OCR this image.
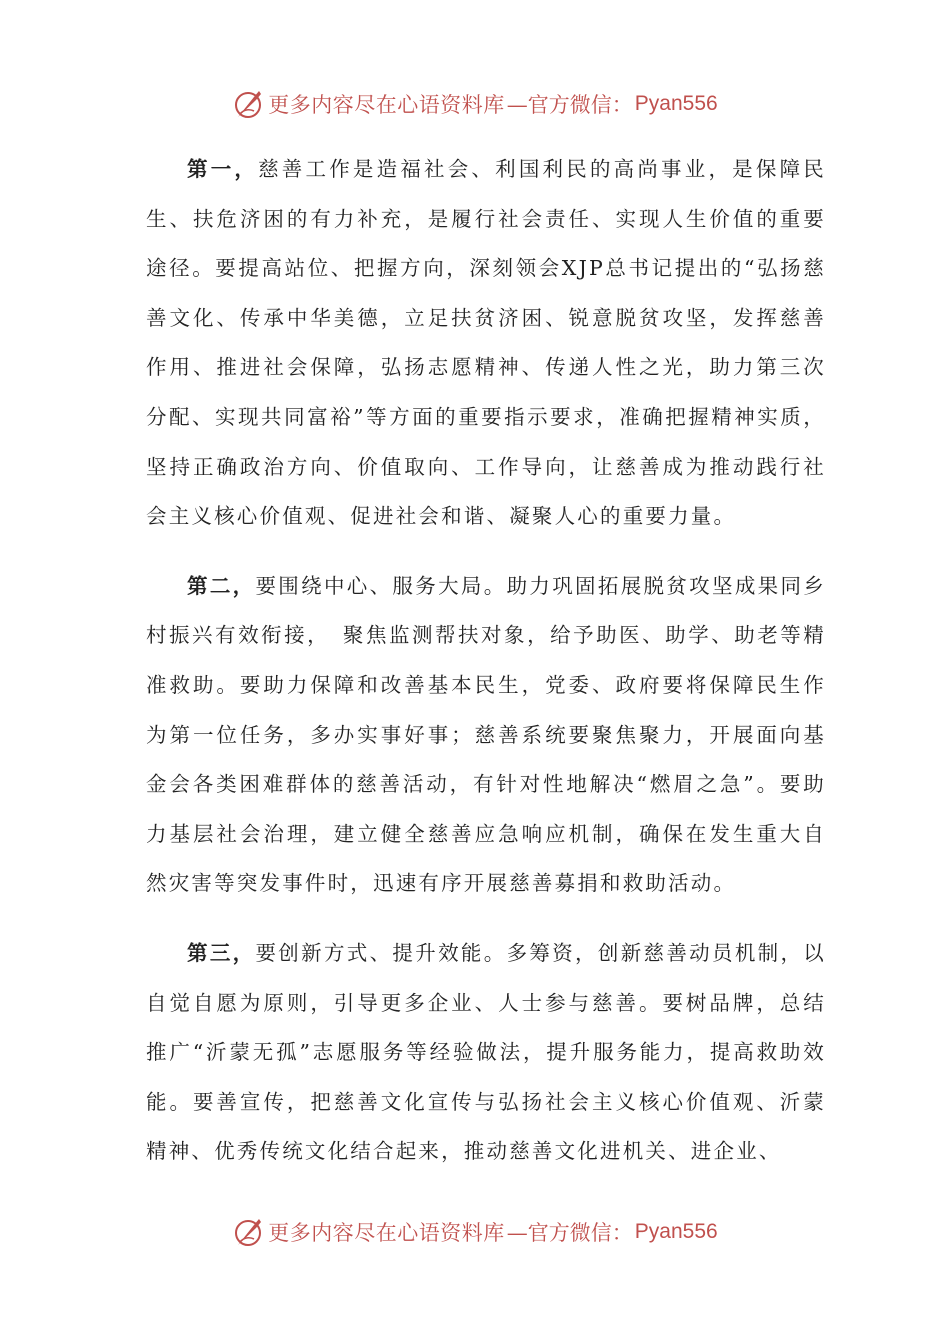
更多内容尽在心语资料库 —官方微信： Pyan556

第一，慈善工作是造福社会、利国利民的高尚事业，是保障民生、扶危济困的有力补充，是履行社会责任、实现人生价值的重要途径。要提高站位、把握方向，深刻领会XJP总书记提出的“弘扬慈善文化、传承中华美德，立足扶贫济困、锐意脱贫攻坚，发挥慈善作用、推进社会保障，弘扬志愿精神、传递人性之光，助力第三次分配、实现共同富裕”等方面的重要指示要求，准确把握精神实质，坚持正确政治方向、价值取向、工作导向，让慈善成为推动践行社会主义核心价值观、促进社会和谐、凝聚人心的重要力量。

第二，要围绕中心、服务大局。助力巩固拓展脱贫攻坚成果同乡村振兴有效衔接，　聚焦监测帮扶对象，给予助医、助学、助老等精准救助。要助力保障和改善基本民生，党委、政府要将保障民生作为第一位任务，多办实事好事；慈善系统要聚焦聚力，开展面向基金会各类困难群体的慈善活动，有针对性地解决“燃眉之急”。要助力基层社会治理，建立健全慈善应急响应机制，确保在发生重大自然灾害等突发事件时，迅速有序开展慈善募捐和救助活动。

第三，要创新方式、提升效能。多筹资，创新慈善动员机制，以自觉自愿为原则，引导更多企业、人士参与慈善。要树品牌，总结推广“沂蒙无孤”志愿服务等经验做法，提升服务能力，提高救助效能。要善宣传，把慈善文化宣传与弘扬社会主义核心价值观、沂蒙精神、优秀传统文化结合起来，推动慈善文化进机关、进企业、

更多内容尽在心语资料库 —官方微信： Pyan556
